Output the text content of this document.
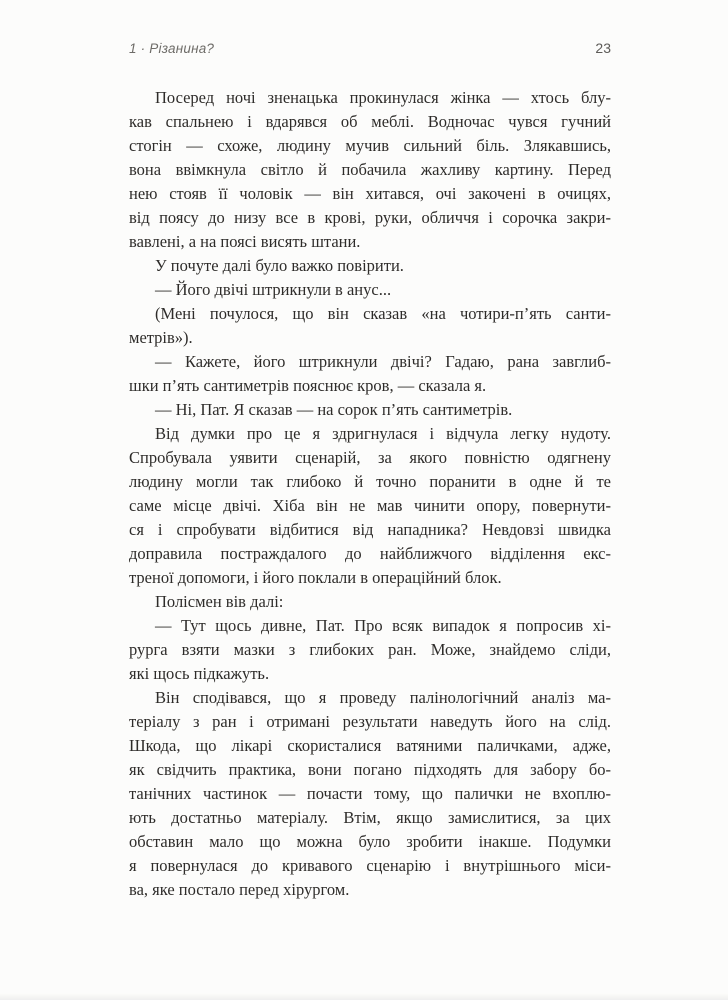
1 · Різанина?	23
Посеред ночі зненацька прокинулася жінка — хтось блу-
кав спальнею і вдарявся об меблі. Водночас чувся гучний
стогін — схоже, людину мучив сильний біль. Злякавшись,
вона ввімкнула світло й побачила жахливу картину. Перед
нею стояв її чоловік — він хитався, очі закочені в очицях,
від поясу до низу все в крові, руки, обличчя і сорочка закри-
вавлені, а на поясі висять штани.
У почуте далі було важко повірити.
— Його двічі штрикнули в анус...
(Мені почулося, що він сказав «на чотири-п’ять санти-
метрів»).
— Кажете, його штрикнули двічі? Гадаю, рана завглиб-
шки п’ять сантиметрів пояснює кров, — сказала я.
— Ні, Пат. Я сказав — на сорок п’ять сантиметрів.
Від думки про це я здригнулася і відчула легку нудоту.
Спробувала уявити сценарій, за якого повністю одягнену
людину могли так глибоко й точно поранити в одне й те
саме місце двічі. Хіба він не мав чинити опору, повернути-
ся і спробувати відбитися від нападника? Невдовзі швидка
доправила постраждалого до найближчого відділення екс-
треної допомоги, і його поклали в операційний блок.
Полісмен вів далі:
— Тут щось дивне, Пат. Про всяк випадок я попросив хі-
рурга взяти мазки з глибоких ран. Може, знайдемо сліди,
які щось підкажуть.
Він сподівався, що я проведу палінологічний аналіз ма-
теріалу з ран і отримані результати наведуть його на слід.
Шкода, що лікарі скористалися ватяними паличками, адже,
як свідчить практика, вони погано підходять для забору бо-
танічних частинок — почасти тому, що палички не вхоплю-
ють достатньо матеріалу. Втім, якщо замислитися, за цих
обставин мало що можна було зробити інакше. Подумки
я повернулася до кривавого сценарію і внутрішнього міси-
ва, яке постало перед хірургом.
